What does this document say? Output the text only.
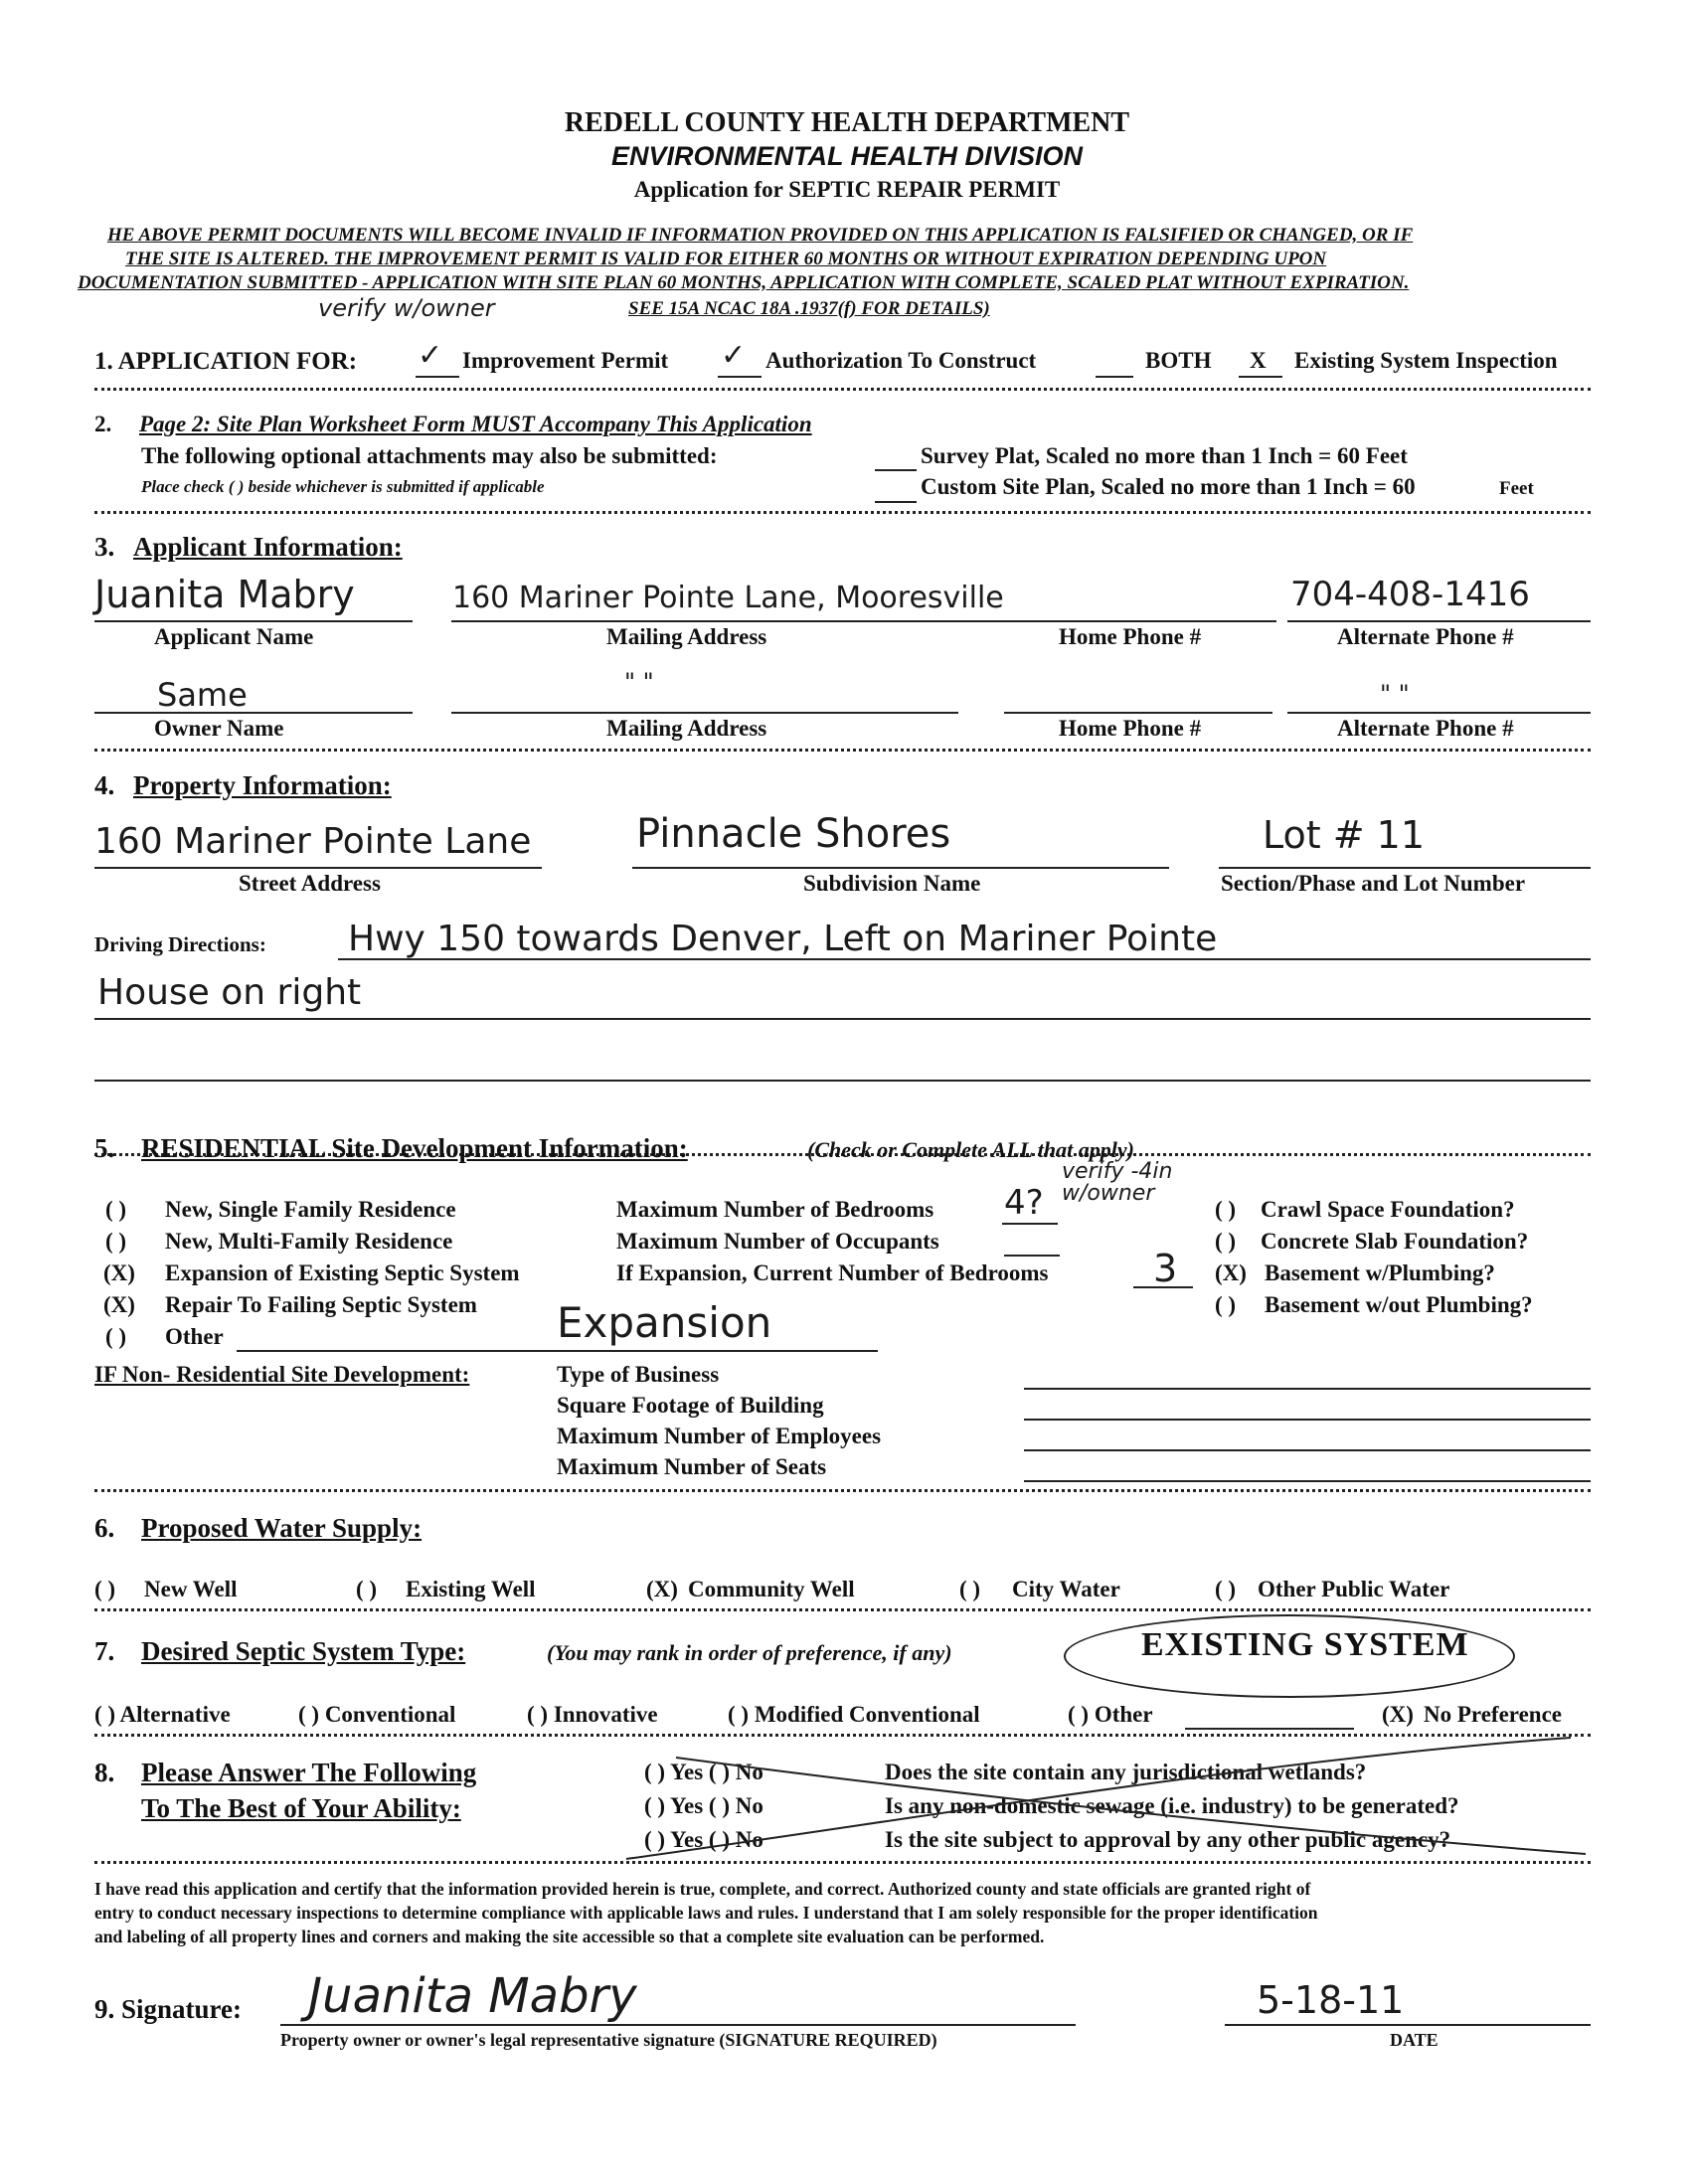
REDELL COUNTY HEALTH DEPARTMENT
ENVIRONMENTAL HEALTH DIVISION
Application for SEPTIC REPAIR PERMIT
HE ABOVE PERMIT DOCUMENTS WILL BECOME INVALID IF INFORMATION PROVIDED ON THIS APPLICATION IS FALSIFIED OR CHANGED, OR IF
THE SITE IS ALTERED. THE IMPROVEMENT PERMIT IS VALID FOR EITHER 60 MONTHS OR WITHOUT EXPIRATION DEPENDING UPON
DOCUMENTATION SUBMITTED - APPLICATION WITH SITE PLAN 60 MONTHS, APPLICATION WITH COMPLETE, SCALED PLAT WITHOUT EXPIRATION.
verify w/owner	SEE 15A NCAC 18A .1937(f) FOR DETAILS)
1. APPLICATION FOR: ✓ Improvement Permit ✓ Authorization To Construct	BOTH X Existing System Inspection
2. Page 2: Site Plan Worksheet Form MUST Accompany This Application
The following optional attachments may also be submitted:
Place check ( ) beside whichever is submitted if applicable
Survey Plat, Scaled no more than 1 Inch = 60 Feet
Custom Site Plan, Scaled no more than 1 Inch = 60	Feet
3. Applicant Information:
Juanita Mabry	160 Mariner Pointe Lane, Mooresville	704-408-1416
Applicant Name	Mailing Address	Home Phone #	Alternate Phone #
Same	" "	" "
Owner Name	Mailing Address	Home Phone #	Alternate Phone #
4. Property Information:
160 Mariner Pointe Lane	Pinnacle Shores	Lot # 11
Street Address	Subdivision Name	Section/Phase and Lot Number
Driving Directions: Hwy 150 towards Denver, Left on Mariner Pointe
House on right
5. RESIDENTIAL Site Development Information:	(Check or Complete ALL that apply)
( ) New, Single Family Residence
( ) New, Multi-Family Residence
(X) Expansion of Existing Septic System
(X) Repair To Failing Septic System
( ) Other	Expansion
Maximum Number of Bedrooms 4?
verify -4in w/owner
Maximum Number of Occupants
If Expansion, Current Number of Bedrooms	3
( ) Crawl Space Foundation?
( ) Concrete Slab Foundation?
(X) Basement w/Plumbing?
( ) Basement w/out Plumbing?
IF Non- Residential Site Development:	Type of Business
Square Footage of Building
Maximum Number of Employees
Maximum Number of Seats
6. Proposed Water Supply:
( ) New Well	( ) Existing Well	(X) Community Well	( ) City Water	( ) Other Public Water
7. Desired Septic System Type:	(You may rank in order of preference, if any)	EXISTING SYSTEM
( ) Alternative	( ) Conventional	( ) Innovative	( ) Modified Conventional	( ) Other	(X) No Preference
8. Please Answer The Following
To The Best of Your Ability:
( ) Yes ( ) No	Does the site contain any jurisdictional wetlands?
( ) Yes ( ) No	Is any non-domestic sewage (i.e. industry) to be generated?
( ) Yes ( ) No	Is the site subject to approval by any other public agency?
I have read this application and certify that the information provided herein is true, complete, and correct. Authorized county and state officials are granted right of
entry to conduct necessary inspections to determine compliance with applicable laws and rules. I understand that I am solely responsible for the proper identification
and labeling of all property lines and corners and making the site accessible so that a complete site evaluation can be performed.
9. Signature: Juanita Mabry	5-18-11
Property owner or owner's legal representative signature (SIGNATURE REQUIRED)	DATE
